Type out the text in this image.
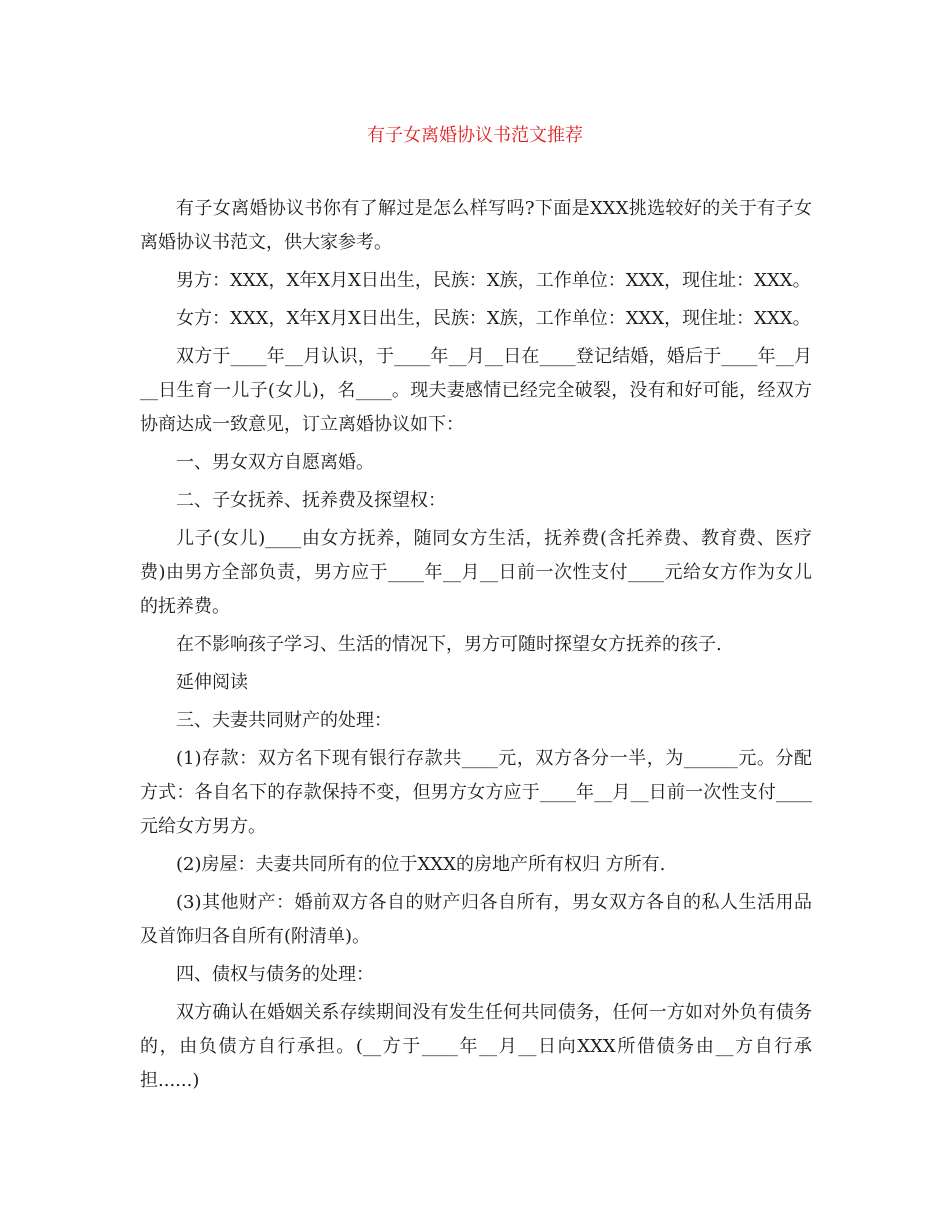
有子女离婚协议书范文推荐

有子女离婚协议书你有了解过是怎么样写吗?下面是XXX挑选较好的关于有子女离婚协议书范文，供大家参考。

男方：XXX，X年X月X日出生，民族：X族，工作单位：XXX，现住址：XXX。

女方：XXX，X年X月X日出生，民族：X族，工作单位：XXX，现住址：XXX。

双方于____年__月认识，于____年__月__日在____登记结婚，婚后于____年__月__日生育一儿子(女儿)，名____。现夫妻感情已经完全破裂，没有和好可能，经双方协商达成一致意见，订立离婚协议如下：

一、男女双方自愿离婚。

二、子女抚养、抚养费及探望权：

儿子(女儿)____由女方抚养，随同女方生活，抚养费(含托养费、教育费、医疗费)由男方全部负责，男方应于____年__月__日前一次性支付____元给女方作为女儿的抚养费。

在不影响孩子学习、生活的情况下，男方可随时探望女方抚养的孩子.

延伸阅读

三、夫妻共同财产的处理：

(1)存款：双方名下现有银行存款共____元，双方各分一半，为______元。分配方式：各自名下的存款保持不变，但男方女方应于____年__月__日前一次性支付____元给女方男方。

(2)房屋：夫妻共同所有的位于XXX的房地产所有权归 方所有.

(3)其他财产：婚前双方各自的财产归各自所有，男女双方各自的私人生活用品及首饰归各自所有(附清单)。

四、债权与债务的处理：

双方确认在婚姻关系存续期间没有发生任何共同债务，任何一方如对外负有债务的，由负债方自行承担。(__方于____年__月__日向XXX所借债务由__方自行承担......)
